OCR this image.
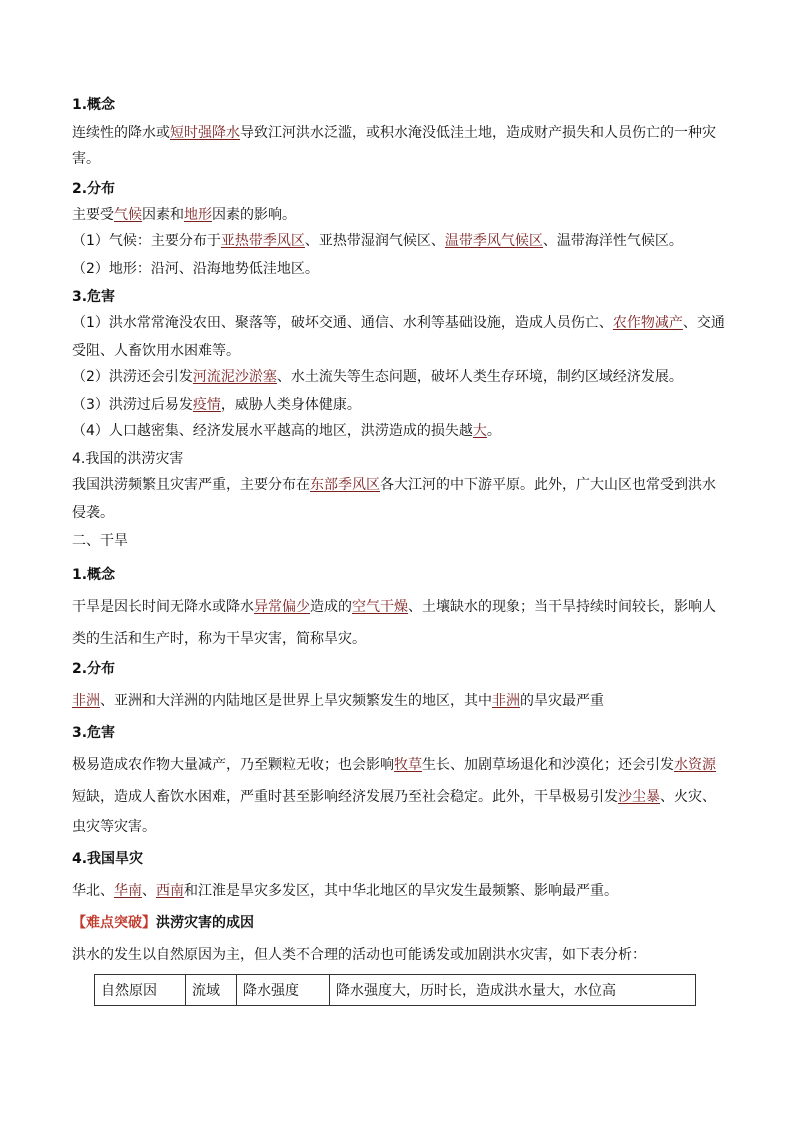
1.概念
连续性的降水或短时强降水导致江河洪水泛滥，或积水淹没低洼土地，造成财产损失和人员伤亡的一种灾
害。
2.分布
主要受气候因素和地形因素的影响。
（1）气候：主要分布于亚热带季风区、亚热带湿润气候区、温带季风气候区、温带海洋性气候区。
（2）地形：沿河、沿海地势低洼地区。
3.危害
（1）洪水常常淹没农田、聚落等，破坏交通、通信、水利等基础设施，造成人员伤亡、农作物减产、交通
受阻、人畜饮用水困难等。
（2）洪涝还会引发河流泥沙淤塞、水土流失等生态问题，破坏人类生存环境，制约区域经济发展。
（3）洪涝过后易发疫情，威胁人类身体健康。
（4）人口越密集、经济发展水平越高的地区，洪涝造成的损失越大。
4.我国的洪涝灾害
我国洪涝频繁且灾害严重，主要分布在东部季风区各大江河的中下游平原。此外，广大山区也常受到洪水
侵袭。
二、干旱
1.概念
干旱是因长时间无降水或降水异常偏少造成的空气干燥、土壤缺水的现象；当干旱持续时间较长，影响人
类的生活和生产时，称为干旱灾害，简称旱灾。
2.分布
非洲、亚洲和大洋洲的内陆地区是世界上旱灾频繁发生的地区，其中非洲的旱灾最严重
3.危害
极易造成农作物大量减产，乃至颗粒无收；也会影响牧草生长、加剧草场退化和沙漠化；还会引发水资源
短缺，造成人畜饮水困难，严重时甚至影响经济发展乃至社会稳定。此外，干旱极易引发沙尘暴、火灾、
虫灾等灾害。
4.我国旱灾
华北、华南、西南和江淮是旱灾多发区，其中华北地区的旱灾发生最频繁、影响最严重。
【难点突破】洪涝灾害的成因
洪水的发生以自然原因为主，但人类不合理的活动也可能诱发或加剧洪水灾害，如下表分析：
自然原因	流域	降水强度	降水强度大，历时长，造成洪水量大，水位高
